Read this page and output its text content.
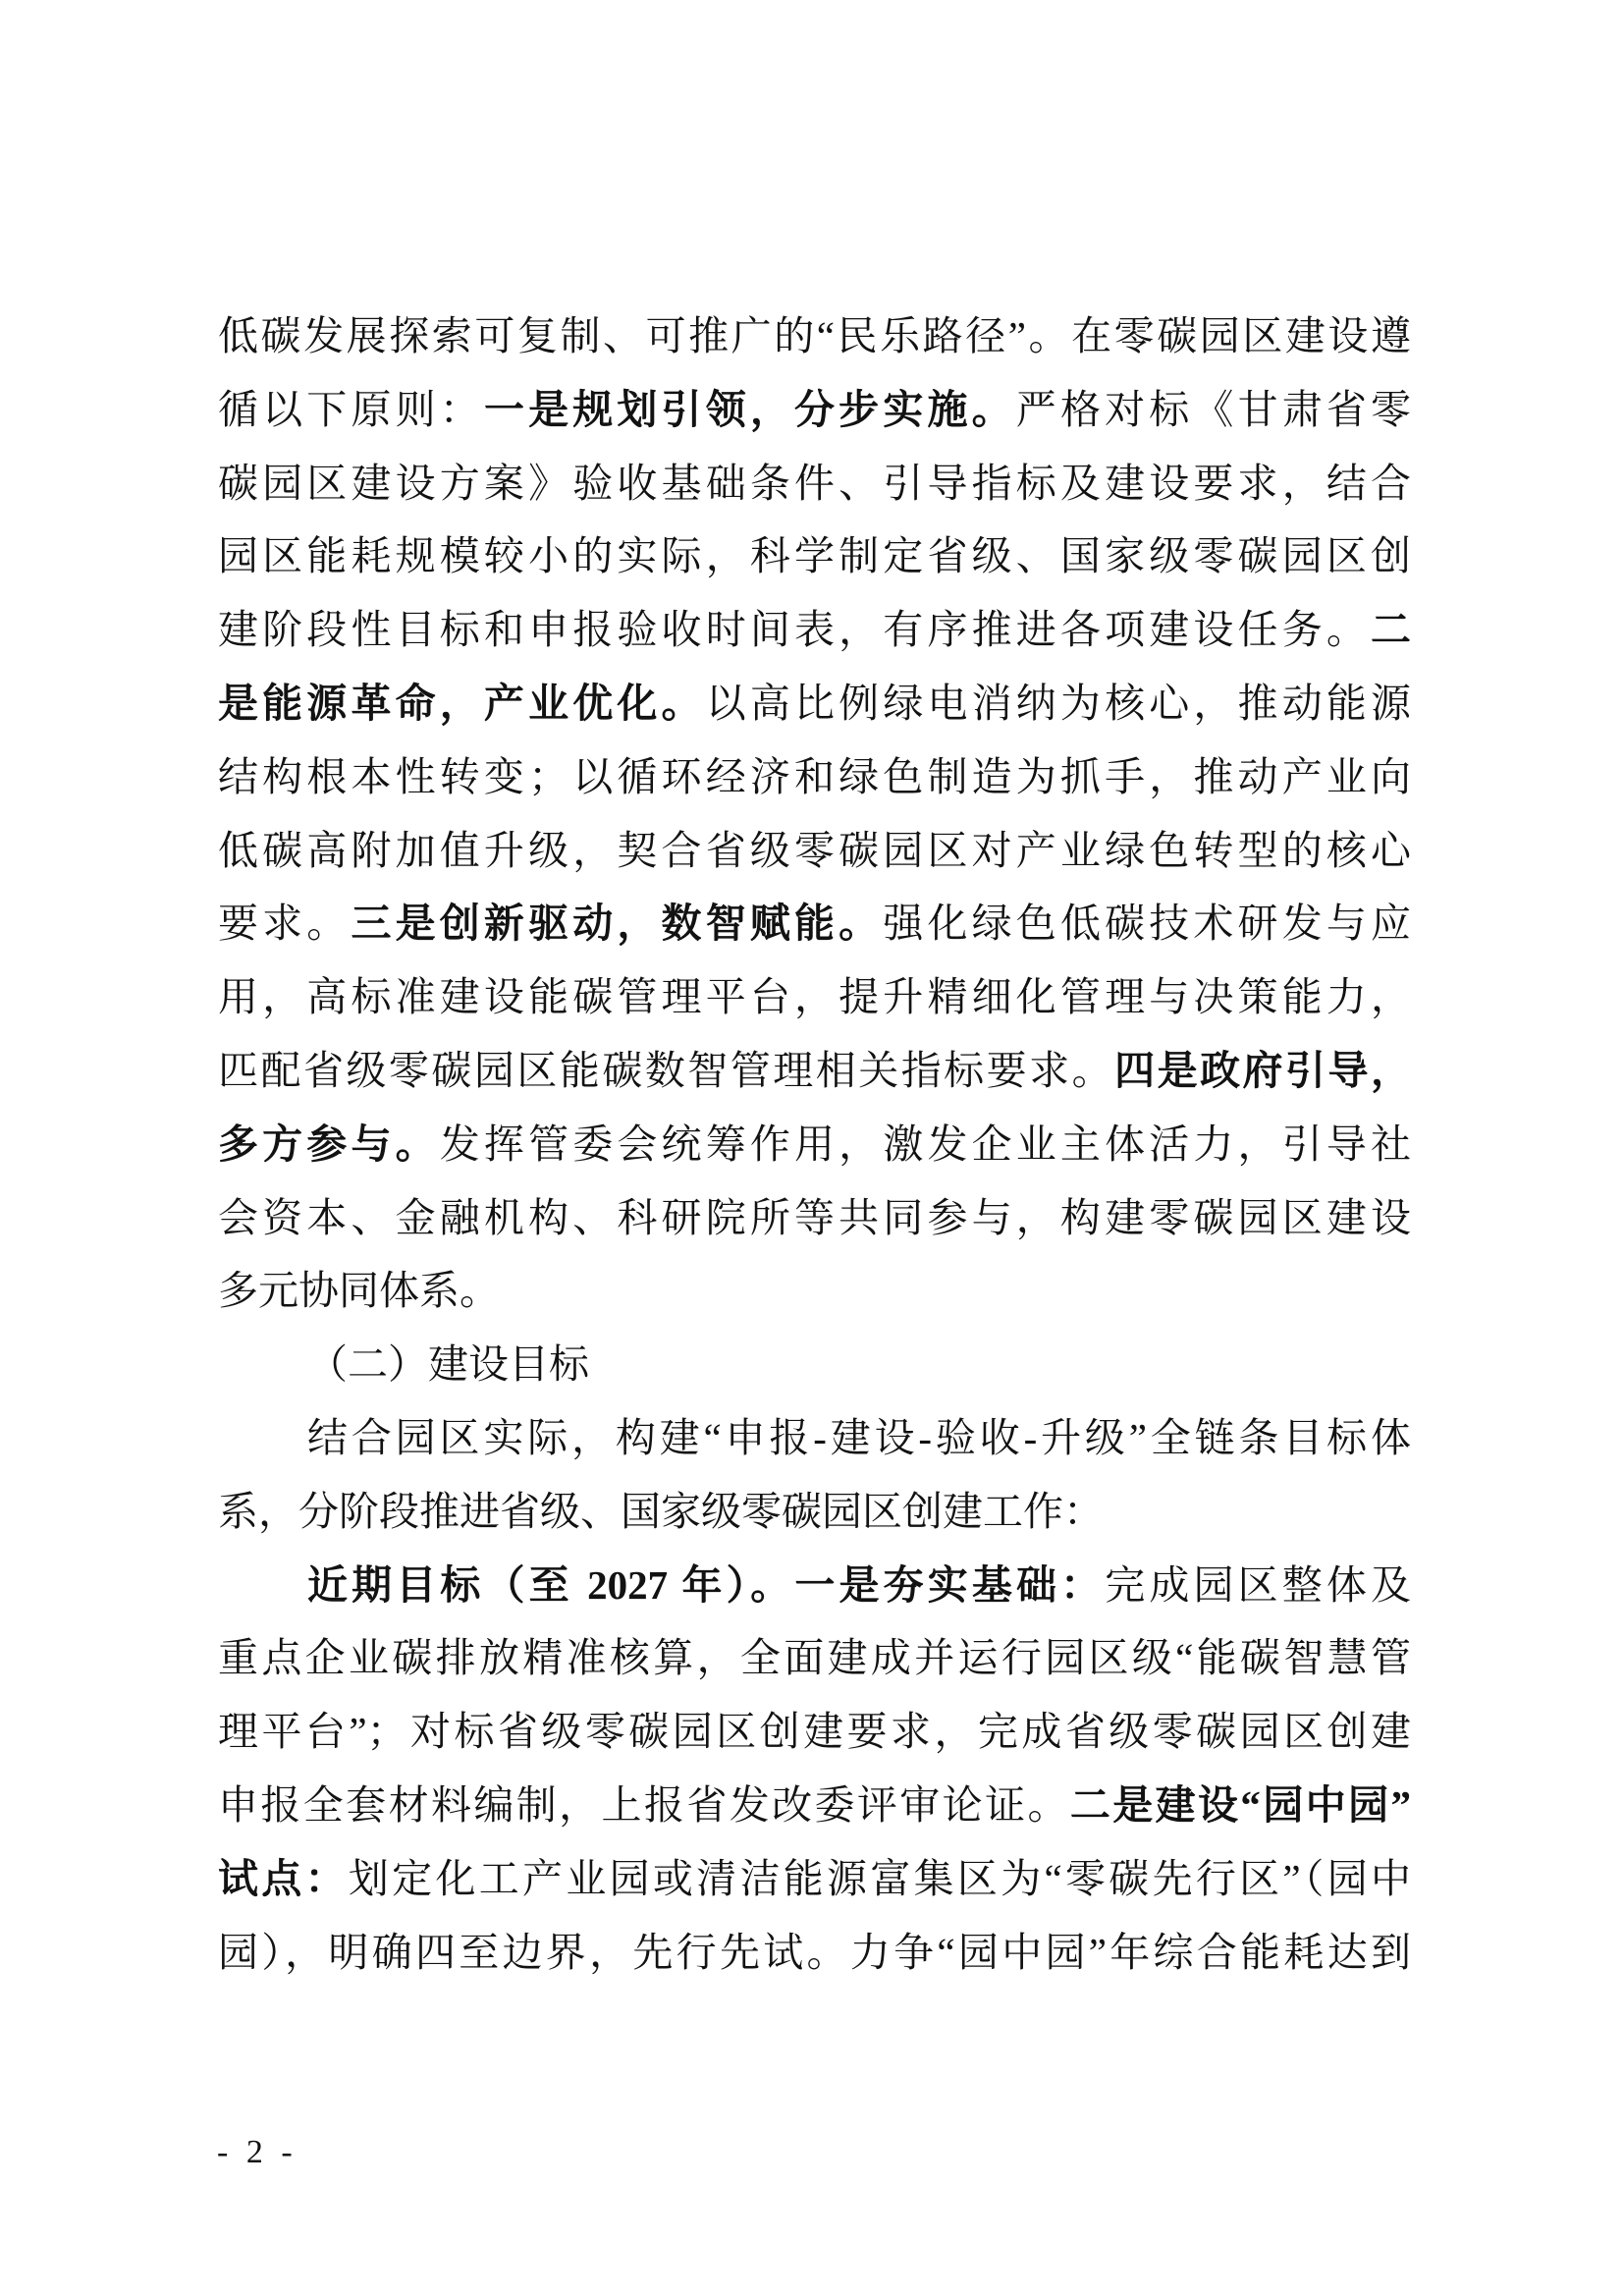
低碳发展探索可复制、可推广的“民乐路径”。在零碳园区建设遵
循以下原则：一是规划引领，分步实施。严格对标《甘肃省零
碳园区建设方案》验收基础条件、引导指标及建设要求，结合
园区能耗规模较小的实际，科学制定省级、国家级零碳园区创
建阶段性目标和申报验收时间表，有序推进各项建设任务。二
是能源革命，产业优化。以高比例绿电消纳为核心，推动能源
结构根本性转变；以循环经济和绿色制造为抓手，推动产业向
低碳高附加值升级，契合省级零碳园区对产业绿色转型的核心
要求。三是创新驱动，数智赋能。强化绿色低碳技术研发与应
用，高标准建设能碳管理平台，提升精细化管理与决策能力，
匹配省级零碳园区能碳数智管理相关指标要求。四是政府引导，
多方参与。发挥管委会统筹作用，激发企业主体活力，引导社
会资本、金融机构、科研院所等共同参与，构建零碳园区建设
多元协同体系。
（二）建设目标
结合园区实际，构建“申报-建设-验收-升级”全链条目标体
系，分阶段推进省级、国家级零碳园区创建工作：
近期目标（至 2027 年）。一是夯实基础：完成园区整体及
重点企业碳排放精准核算，全面建成并运行园区级“能碳智慧管
理平台”；对标省级零碳园区创建要求，完成省级零碳园区创建
申报全套材料编制，上报省发改委评审论证。二是建设“园中园”
试点：划定化工产业园或清洁能源富集区为“零碳先行区”（园中
园），明确四至边界，先行先试。力争“园中园”年综合能耗达到
- 2 -
